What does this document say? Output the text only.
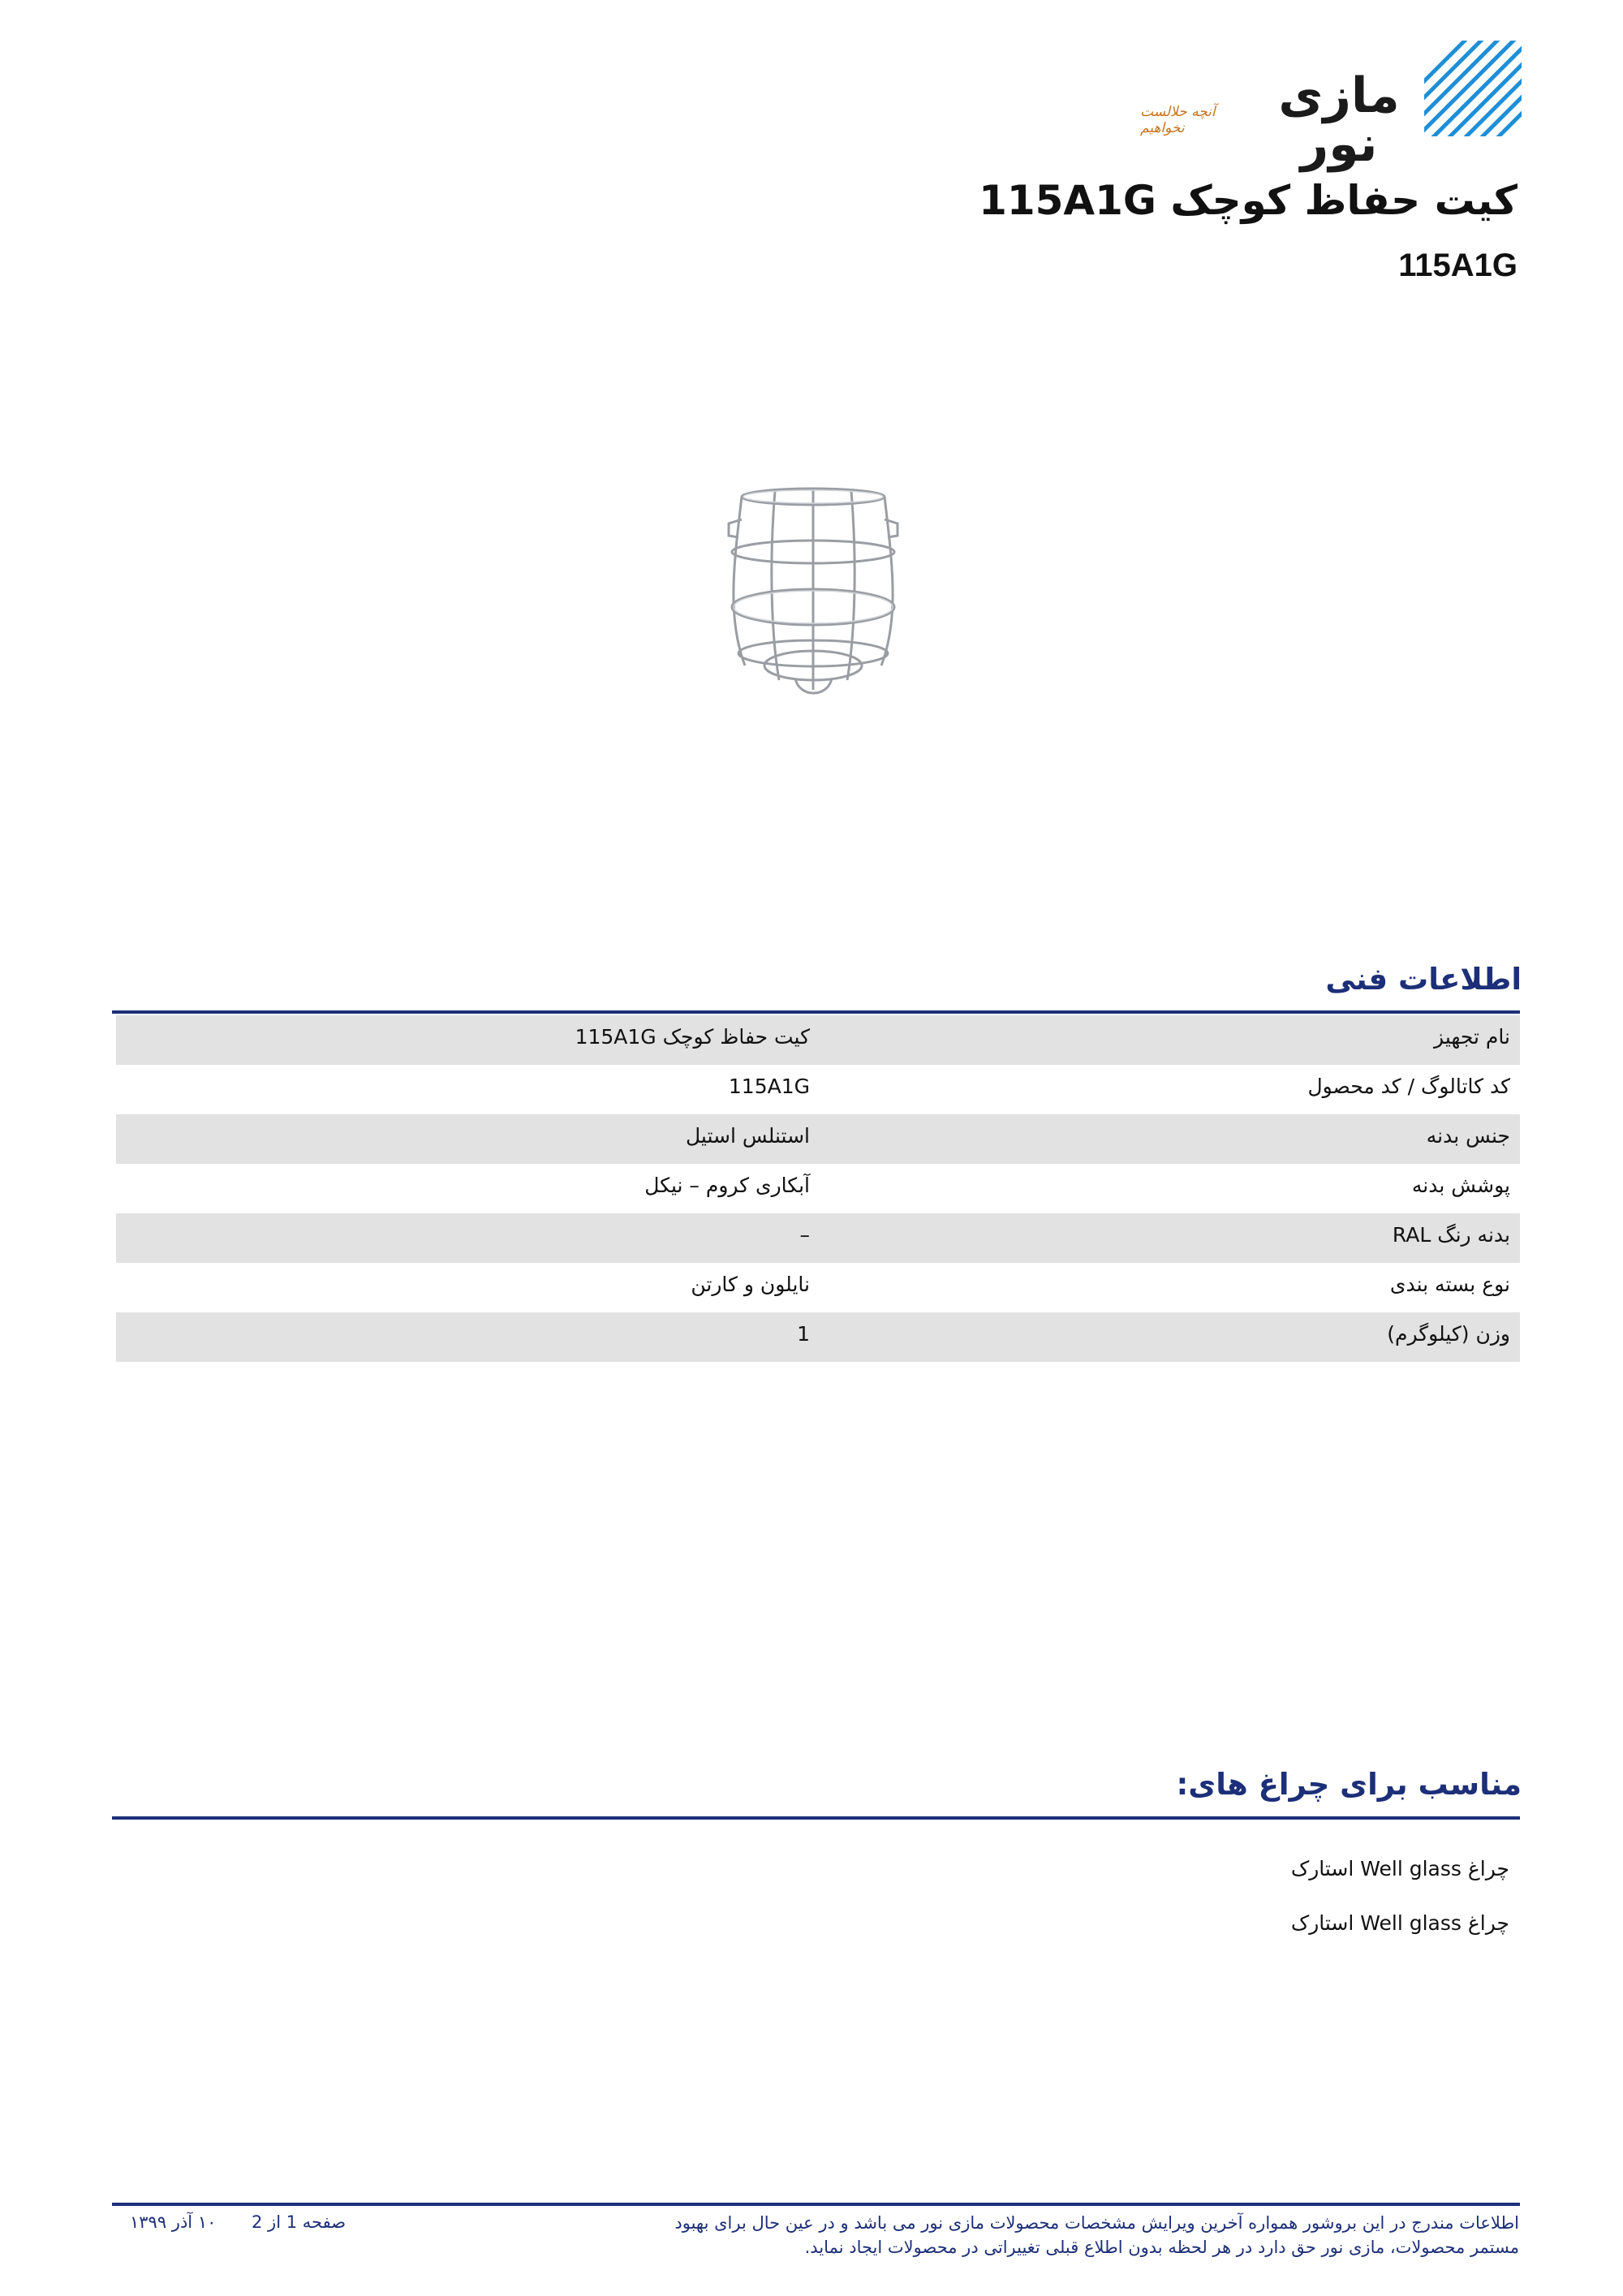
آنچه حلالست نخواهیم
مازی نور
کیت حفاظ کوچک 115A1G
115A1G
اطلاعات فنی
نام تجهیز
کیت حفاظ کوچک 115A1G
کد کاتالوگ / کد محصول
115A1G
جنس بدنه
استنلس استیل
پوشش بدنه
آبکاری کروم – نیکل
بدنه رنگ RAL
–
نوع بسته بندی
نایلون و کارتن
وزن (کیلوگرم)
1
مناسب برای چراغ های:
چراغ Well glass استارک
چراغ Well glass استارک
اطلاعات مندرج در این بروشور همواره آخرین ویرایش مشخصات محصولات مازی نور می باشد و در عین حال برای بهبود مستمر محصولات، مازی نور حق دارد در هر لحظه بدون اطلاع قبلی تغییراتی در محصولات ایجاد نماید.
صفحه 1 از 2
۱۰ آذر ۱۳۹۹
